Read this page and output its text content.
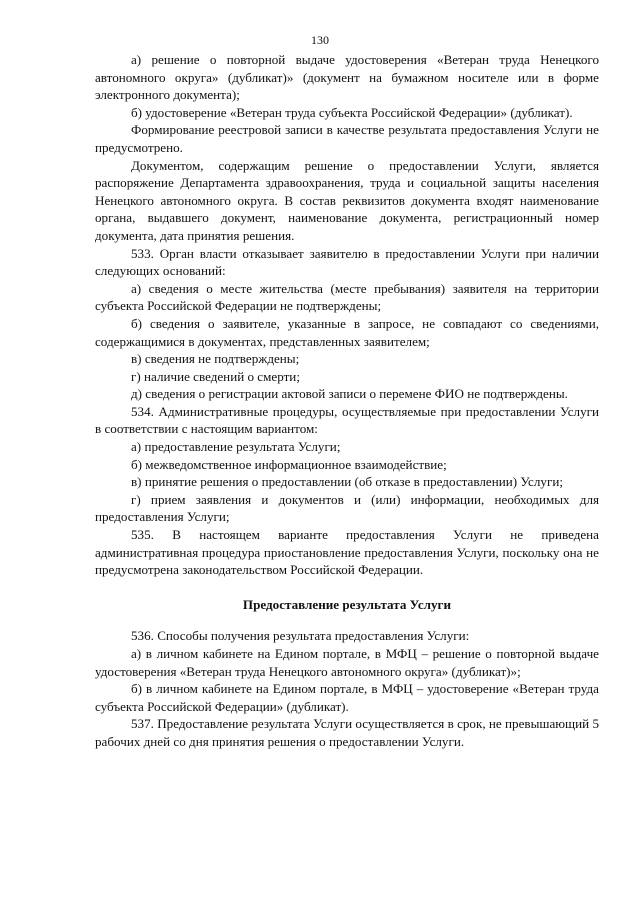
130

а) решение о повторной выдаче удостоверения «Ветеран труда Ненецкого автономного округа» (дубликат)» (документ на бумажном носителе или в форме электронного документа);

б) удостоверение «Ветеран труда субъекта Российской Федерации» (дубликат).

Формирование реестровой записи в качестве результата предоставления Услуги не предусмотрено.

Документом, содержащим решение о предоставлении Услуги, является распоряжение Департамента здравоохранения, труда и социальной защиты населения Ненецкого автономного округа. В состав реквизитов документа входят наименование органа, выдавшего документ, наименование документа, регистрационный номер документа, дата принятия решения.

533. Орган власти отказывает заявителю в предоставлении Услуги при наличии следующих оснований:

а) сведения о месте жительства (месте пребывания) заявителя на территории субъекта Российской Федерации не подтверждены;

б) сведения о заявителе, указанные в запросе, не совпадают со сведениями, содержащимися в документах, представленных заявителем;

в) сведения не подтверждены;

г) наличие сведений о смерти;

д) сведения о регистрации актовой записи о перемене ФИО не подтверждены.

534. Административные процедуры, осуществляемые при предоставлении Услуги в соответствии с настоящим вариантом:

а) предоставление результата Услуги;

б) межведомственное информационное взаимодействие;

в) принятие решения о предоставлении (об отказе в предоставлении) Услуги;

г) прием заявления и документов и (или) информации, необходимых для предоставления Услуги;

535. В настоящем варианте предоставления Услуги не приведена административная процедура приостановление предоставления Услуги, поскольку она не предусмотрена законодательством Российской Федерации.

Предоставление результата Услуги

536. Способы получения результата предоставления Услуги:

а) в личном кабинете на Едином портале, в МФЦ – решение о повторной выдаче удостоверения «Ветеран труда Ненецкого автономного округа» (дубликат)»;

б) в личном кабинете на Едином портале, в МФЦ – удостоверение «Ветеран труда субъекта Российской Федерации» (дубликат).

537. Предоставление результата Услуги осуществляется в срок, не превышающий 5 рабочих дней со дня принятия решения о предоставлении Услуги.
